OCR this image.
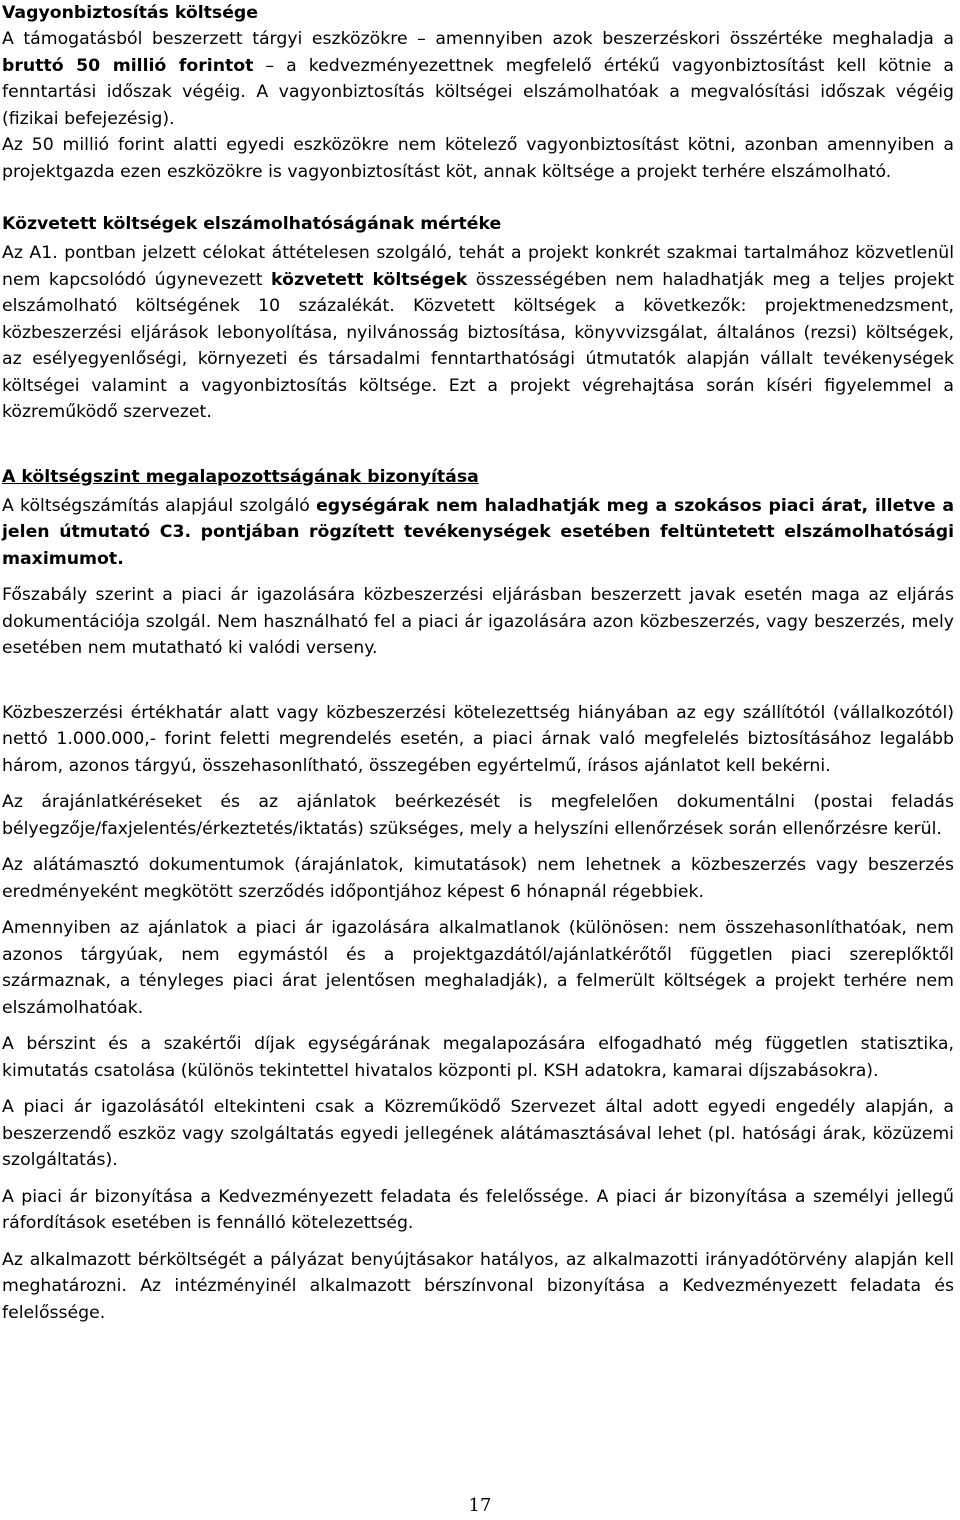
Vagyonbiztosítás költsége

A támogatásból beszerzett tárgyi eszközökre – amennyiben azok beszerzéskori összértéke meghaladja a bruttó 50 millió forintot – a kedvezményezettnek megfelelő értékű vagyonbiztosítást kell kötnie a fenntartási időszak végéig. A vagyonbiztosítás költségei elszámolhatóak a megvalósítási időszak végéig (fizikai befejezésig).

Az 50 millió forint alatti egyedi eszközökre nem kötelező vagyonbiztosítást kötni, azonban amennyiben a projektgazda ezen eszközökre is vagyonbiztosítást köt, annak költsége a projekt terhére elszámolható.

Közvetett költségek elszámolhatóságának mértéke

Az A1. pontban jelzett célokat áttételesen szolgáló, tehát a projekt konkrét szakmai tartalmához közvetlenül nem kapcsolódó úgynevezett közvetett költségek összességében nem haladhatják meg a teljes projekt elszámolható költségének 10 százalékát. Közvetett költségek a következők: projektmenedzsment, közbeszerzési eljárások lebonyolítása, nyilvánosság biztosítása, könyvvizsgálat, általános (rezsi) költségek, az esélyegyenlőségi, környezeti és társadalmi fenntarthatósági útmutatók alapján vállalt tevékenységek költségei valamint a vagyonbiztosítás költsége. Ezt a projekt végrehajtása során kíséri figyelemmel a közreműködő szervezet.

A költségszint megalapozottságának bizonyítása

A költségszámítás alapjául szolgáló egységárak nem haladhatják meg a szokásos piaci árat, illetve a jelen útmutató C3. pontjában rögzített tevékenységek esetében feltüntetett elszámolhatósági maximumot.

Főszabály szerint a piaci ár igazolására közbeszerzési eljárásban beszerzett javak esetén maga az eljárás dokumentációja szolgál. Nem használható fel a piaci ár igazolására azon közbeszerzés, vagy beszerzés, mely esetében nem mutatható ki valódi verseny.

Közbeszerzési értékhatár alatt vagy közbeszerzési kötelezettség hiányában az egy szállítótól (vállalkozótól) nettó 1.000.000,- forint feletti megrendelés esetén, a piaci árnak való megfelelés biztosításához legalább három, azonos tárgyú, összehasonlítható, összegében egyértelmű, írásos ajánlatot kell bekérni.

Az árajánlatkéréseket és az ajánlatok beérkezését is megfelelően dokumentálni (postai feladás bélyegzője/faxjelentés/érkeztetés/iktatás) szükséges, mely a helyszíni ellenőrzések során ellenőrzésre kerül.

Az alátámasztó dokumentumok (árajánlatok, kimutatások) nem lehetnek a közbeszerzés vagy beszerzés eredményeként megkötött szerződés időpontjához képest 6 hónapnál régebbiek.

Amennyiben az ajánlatok a piaci ár igazolására alkalmatlanok (különösen: nem összehasonlíthatóak, nem azonos tárgyúak, nem egymástól és a projektgazdától/ajánlatkérőtől független piaci szereplőktől származnak, a tényleges piaci árat jelentősen meghaladják), a felmerült költségek a projekt terhére nem elszámolhatóak.

A bérszint és a szakértői díjak egységárának megalapozására elfogadható még független statisztika, kimutatás csatolása (különös tekintettel hivatalos központi pl. KSH adatokra, kamarai díjszabásokra).

A piaci ár igazolásától eltekinteni csak a Közreműködő Szervezet által adott egyedi engedély alapján, a beszerzendő eszköz vagy szolgáltatás egyedi jellegének alátámasztásával lehet (pl. hatósági árak, közüzemi szolgáltatás).

A piaci ár bizonyítása a Kedvezményezett feladata és felelőssége. A piaci ár bizonyítása a személyi jellegű ráfordítások esetében is fennálló kötelezettség.

Az alkalmazott bérköltségét a pályázat benyújtásakor hatályos, az alkalmazotti irányadótörvény alapján kell meghatározni. Az intézményinél alkalmazott bérszínvonal bizonyítása a Kedvezményezett feladata és felelőssége.

17
